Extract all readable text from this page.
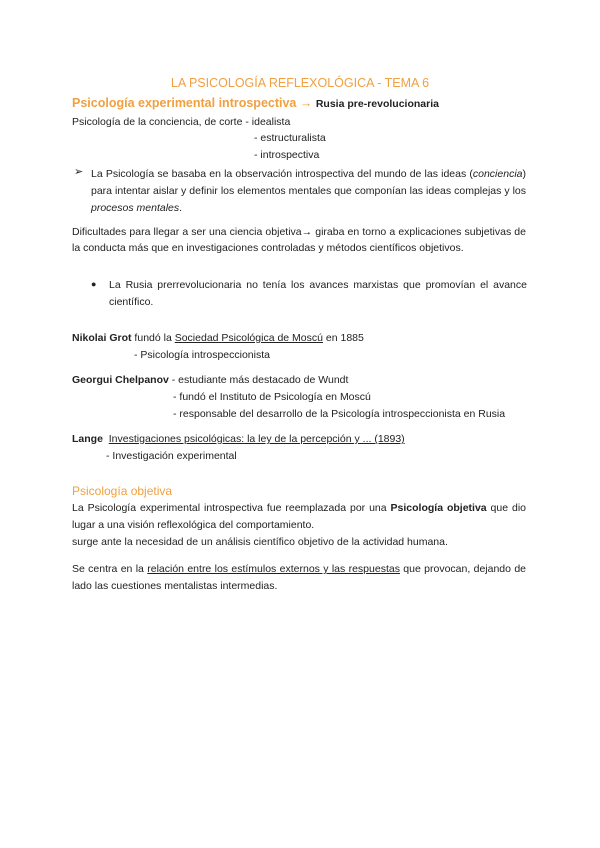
LA PSICOLOGÍA REFLEXOLÓGICA - TEMA 6
Psicología experimental introspectiva → Rusia pre-revolucionaria
Psicología de la conciencia, de corte - idealista
- estructuralista
- introspectiva
➢ La Psicología se basaba en la observación introspectiva del mundo de las ideas (conciencia) para intentar aislar y definir los elementos mentales que componían las ideas complejas y los procesos mentales.
Dificultades para llegar a ser una ciencia objetiva→ giraba en torno a explicaciones subjetivas de la conducta más que en investigaciones controladas y métodos científicos objetivos.
● La Rusia prerrevolucionaria no tenía los avances marxistas que promovían el avance científico.
Nikolai Grot fundó la Sociedad Psicológica de Moscú en 1885
- Psicología introspeccionista
Georgui Chelpanov - estudiante más destacado de Wundt
- fundó el Instituto de Psicología en Moscú
- responsable del desarrollo de la Psicología introspeccionista en Rusia
Lange Investigaciones psicológicas: la ley de la percepción y ... (1893)
- Investigación experimental
Psicología objetiva
La Psicología experimental introspectiva fue reemplazada por una Psicología objetiva que dio lugar a una visión reflexológica del comportamiento.
surge ante la necesidad de un análisis científico objetivo de la actividad humana.
Se centra en la relación entre los estímulos externos y las respuestas que provocan, dejando de lado las cuestiones mentalistas intermedias.
